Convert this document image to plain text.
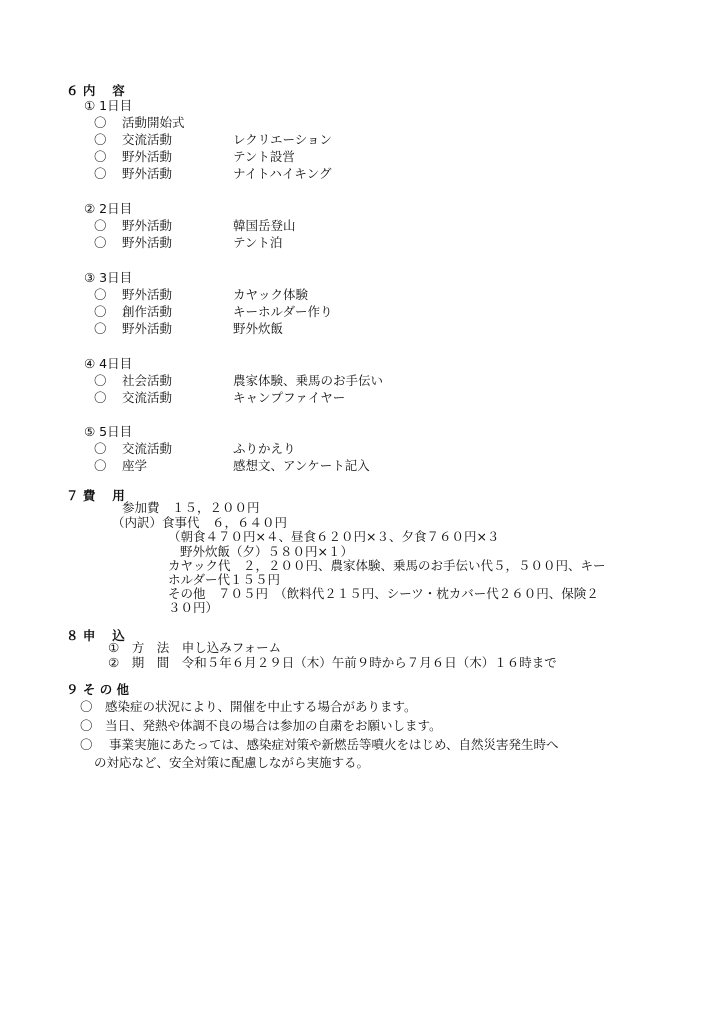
６ 内　 容
① 1日目
〇 活動開始式
〇 交流活動	レクリエーション
〇 野外活動	テント設営
〇 野外活動	ナイトハイキング
② 2日目
〇 野外活動	韓国岳登山
〇 野外活動	テント泊
③ 3日目
〇 野外活動	カヤック体験
〇 創作活動	キーホルダー作り
〇 野外活動	野外炊飯
④ 4日目
〇 社会活動	農家体験、乗馬のお手伝い
〇 交流活動	キャンプファイヤー
⑤ 5日目
〇 交流活動	ふりかえり
〇 座学	感想文、アンケート記入
７ 費　 用
参加費　１５，２００円
（内訳）食事代　６，６４０円
（朝食４７０円×４、昼食６２０円×３、夕食７６０円×３
野外炊飯（夕）５８０円×１）
カヤック代　２，２００円、農家体験、乗馬のお手伝い代５，５００円、キー
ホルダー代１５５円
その他　７０５円　（飲料代２１５円、シーツ・枕カバー代２６０円、保険２
３０円）
８ 申　 込
①　方　法　申し込みフォーム
②　期　間　令和５年６月２９日（木）午前９時から７月６日（木）１６時まで
９ そ の 他
〇　感染症の状況により、開催を中止する場合があります。
〇　当日、発熱や体調不良の場合は参加の自粛をお願いします。
〇　 事業実施にあたっては、感染症対策や新燃岳等噴火をはじめ、自然災害発生時へ
の対応など、安全対策に配慮しながら実施する。
